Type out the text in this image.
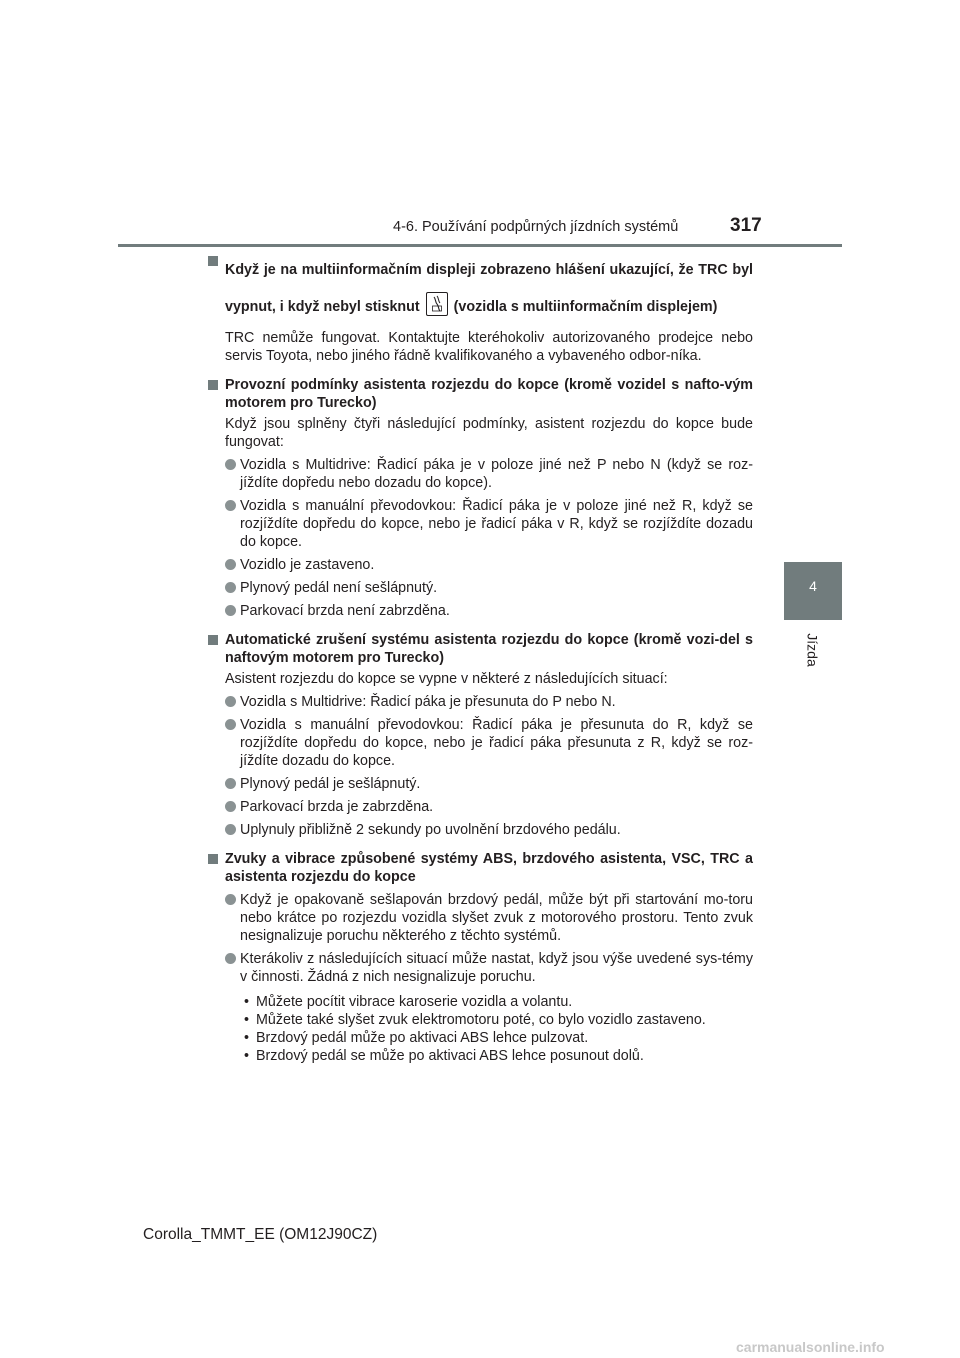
4-6. Používání podpůrných jízdních systémů	317
4
Jízda
Když je na multiinformačním displeji zobrazeno hlášení ukazující, že TRC byl vypnut, i když nebyl stisknut (vozidla s multiinformačním displejem)
TRC nemůže fungovat. Kontaktujte kteréhokoliv autorizovaného prodejce nebo servis Toyota, nebo jiného řádně kvalifikovaného a vybaveného odbor-níka.
Provozní podmínky asistenta rozjezdu do kopce (kromě vozidel s nafto-vým motorem pro Turecko)
Když jsou splněny čtyři následující podmínky, asistent rozjezdu do kopce bude fungovat:
Vozidla s Multidrive: Řadicí páka je v poloze jiné než P nebo N (když se roz-jíždíte dopředu nebo dozadu do kopce).
Vozidla s manuální převodovkou: Řadicí páka je v poloze jiné než R, když se rozjíždíte dopředu do kopce, nebo je řadicí páka v R, když se rozjíždíte dozadu do kopce.
Vozidlo je zastaveno.
Plynový pedál není sešlápnutý.
Parkovací brzda není zabrzděna.
Automatické zrušení systému asistenta rozjezdu do kopce (kromě vozi-del s naftovým motorem pro Turecko)
Asistent rozjezdu do kopce se vypne v některé z následujících situací:
Vozidla s Multidrive: Řadicí páka je přesunuta do P nebo N.
Vozidla s manuální převodovkou: Řadicí páka je přesunuta do R, když se rozjíždíte dopředu do kopce, nebo je řadicí páka přesunuta z R, když se roz-jíždíte dozadu do kopce.
Plynový pedál je sešlápnutý.
Parkovací brzda je zabrzděna.
Uplynuly přibližně 2 sekundy po uvolnění brzdového pedálu.
Zvuky a vibrace způsobené systémy ABS, brzdového asistenta, VSC, TRC a asistenta rozjezdu do kopce
Když je opakovaně sešlapován brzdový pedál, může být při startování mo-toru nebo krátce po rozjezdu vozidla slyšet zvuk z motorového prostoru. Tento zvuk nesignalizuje poruchu některého z těchto systémů.
Kterákoliv z následujících situací může nastat, když jsou výše uvedené sys-témy v činnosti. Žádná z nich nesignalizuje poruchu.
• Můžete pocítit vibrace karoserie vozidla a volantu.
• Můžete také slyšet zvuk elektromotoru poté, co bylo vozidlo zastaveno.
• Brzdový pedál může po aktivaci ABS lehce pulzovat.
• Brzdový pedál se může po aktivaci ABS lehce posunout dolů.
Corolla_TMMT_EE (OM12J90CZ)
carmanualsonline.info
